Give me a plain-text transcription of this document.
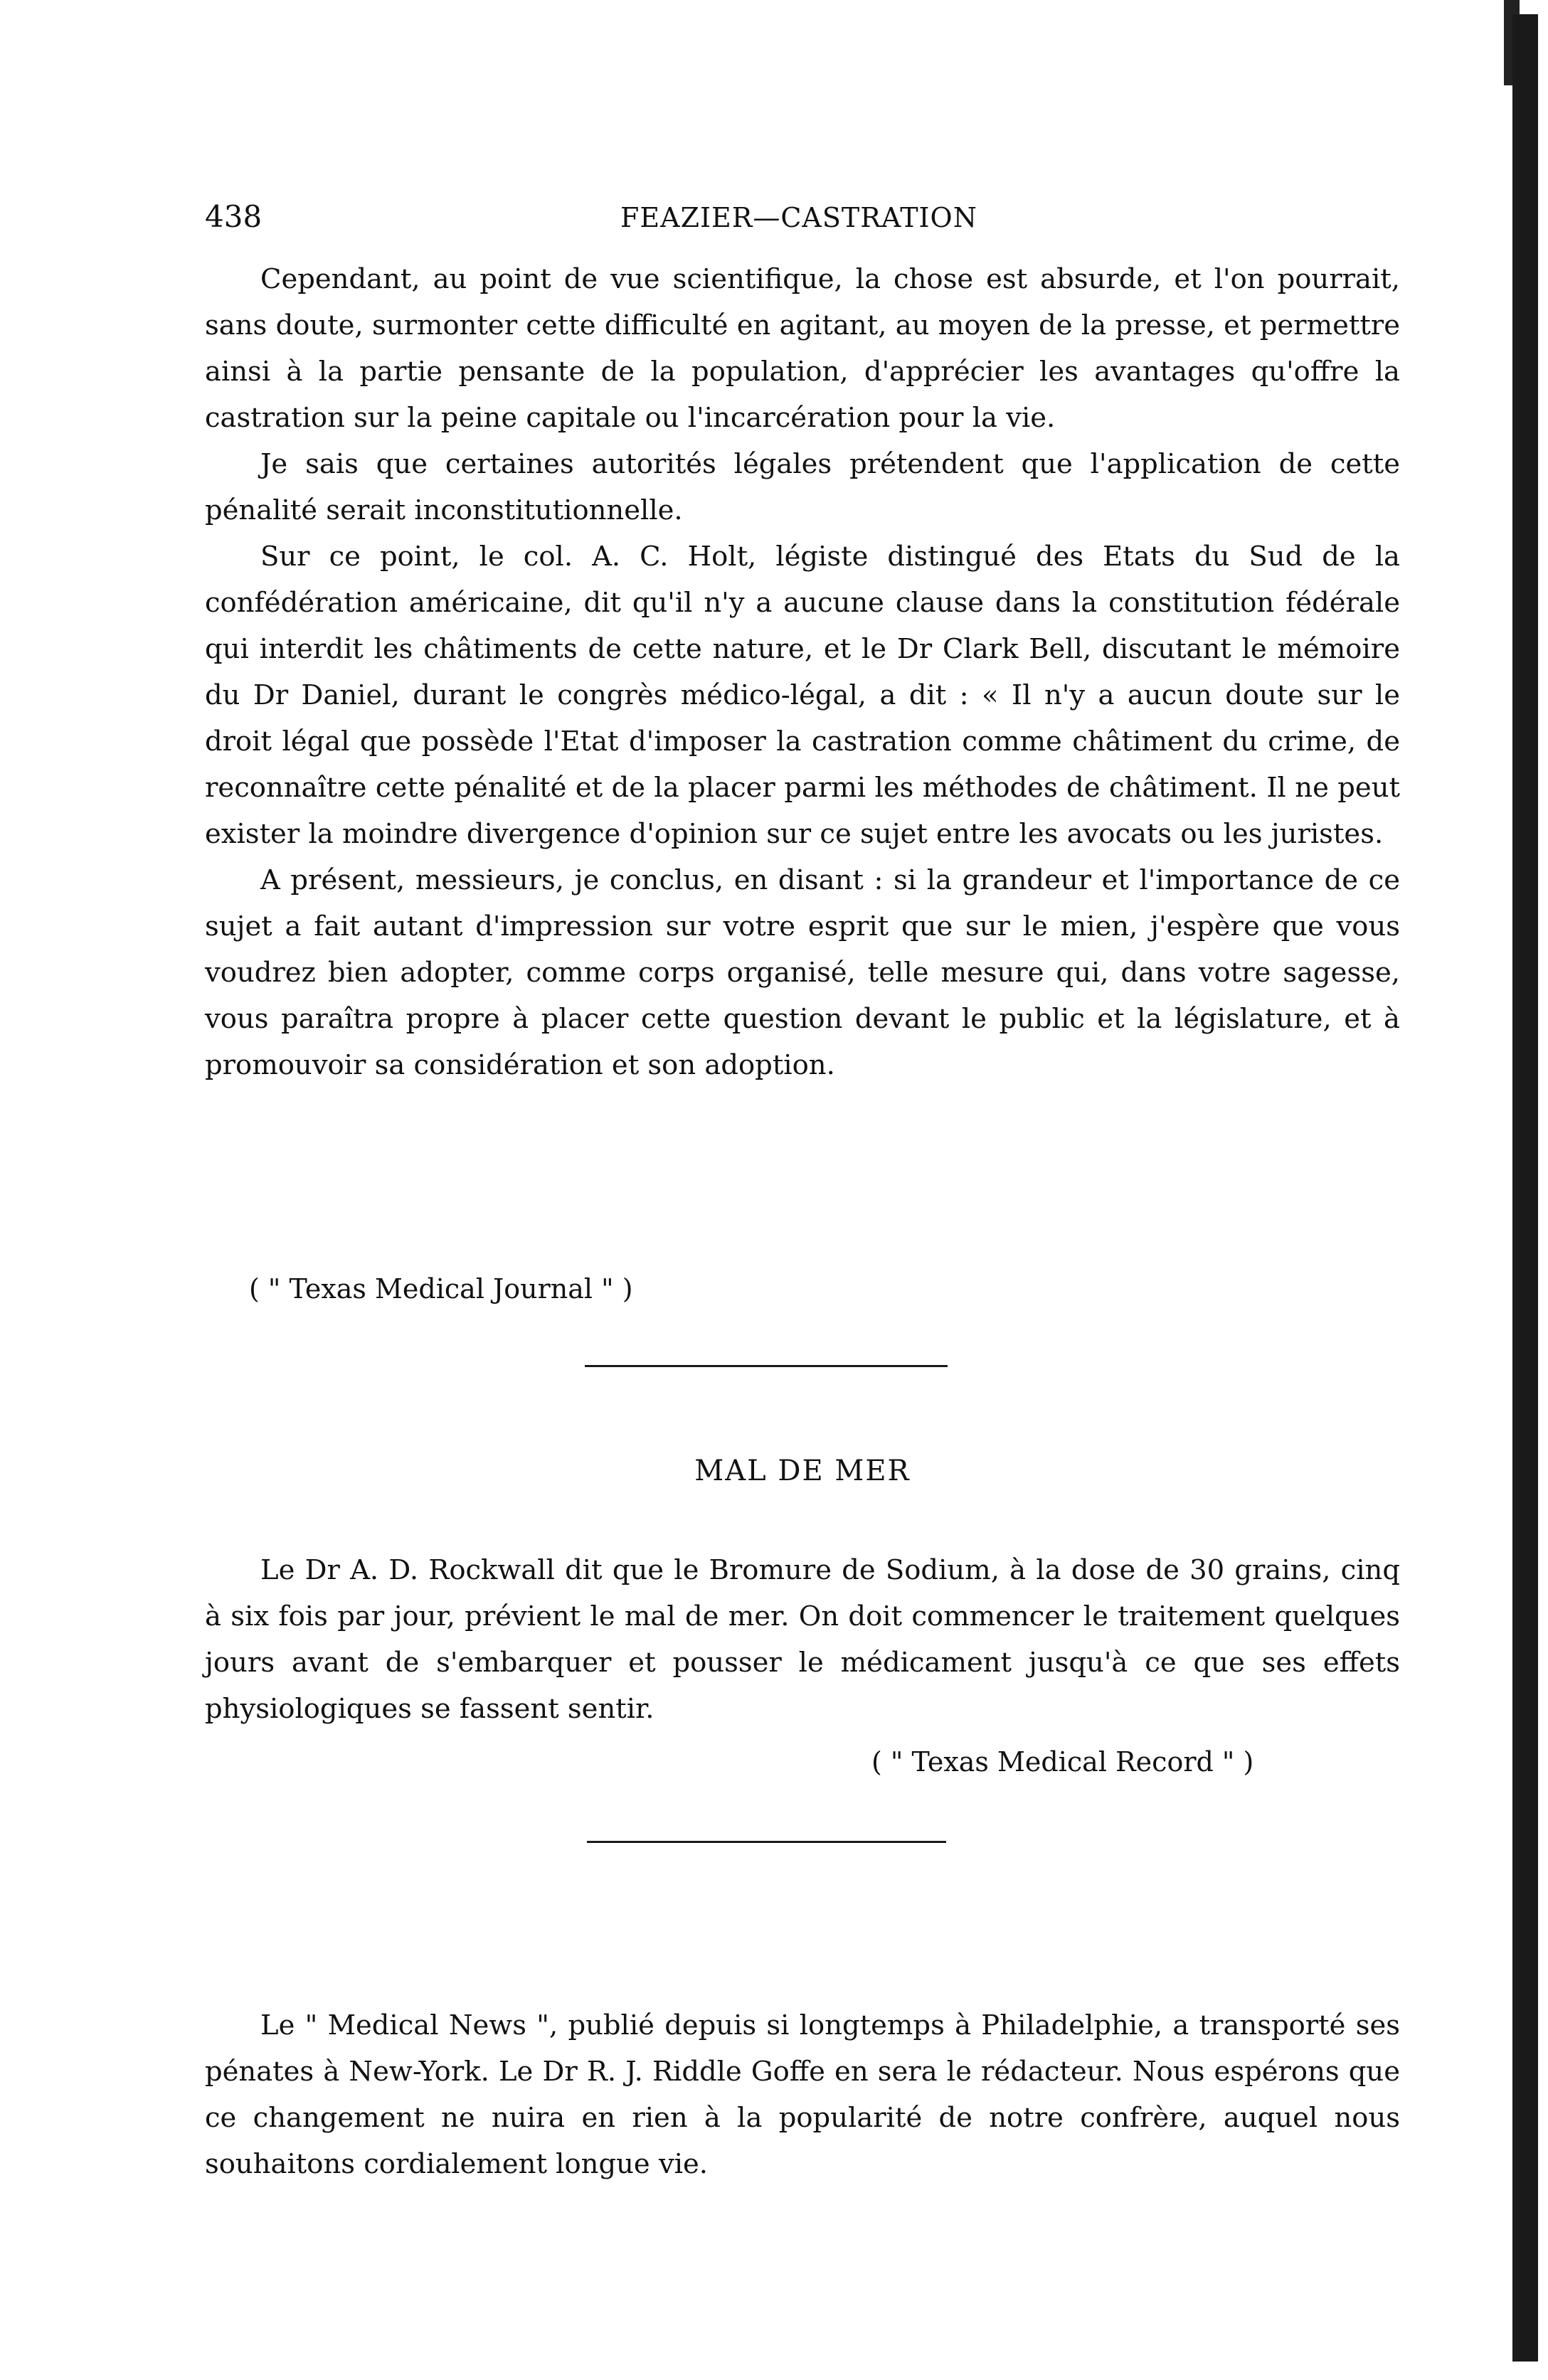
438	FEAZIER—CASTRATION

Cependant, au point de vue scientifique, la chose est absurde, et l'on pourrait, sans doute, surmonter cette difficulté en agitant, au moyen de la presse, et permettre ainsi à la partie pensante de la population, d'apprécier les avantages qu'offre la castration sur la peine capitale ou l'incarcération pour la vie.

Je sais que certaines autorités légales prétendent que l'application de cette pénalité serait inconstitutionnelle.

Sur ce point, le col. A. C. Holt, légiste distingué des Etats du Sud de la confédération américaine, dit qu'il n'y a aucune clause dans la constitution fédérale qui interdit les châtiments de cette nature, et le Dr Clark Bell, discutant le mémoire du Dr Daniel, durant le congrès médico-légal, a dit : « Il n'y a aucun doute sur le droit légal que possède l'Etat d'imposer la castration comme châtiment du crime, de reconnaître cette pénalité et de la placer parmi les méthodes de châtiment. Il ne peut exister la moindre divergence d'opinion sur ce sujet entre les avocats ou les juristes.

A présent, messieurs, je conclus, en disant : si la grandeur et l'importance de ce sujet a fait autant d'impression sur votre esprit que sur le mien, j'espère que vous voudrez bien adopter, comme corps organisé, telle mesure qui, dans votre sagesse, vous paraîtra propre à placer cette question devant le public et la législature, et à promouvoir sa considération et son adoption.

( " Texas Medical Journal " )
MAL DE MER

Le Dr A. D. Rockwall dit que le Bromure de Sodium, à la dose de 30 grains, cinq à six fois par jour, prévient le mal de mer. On doit commencer le traitement quelques jours avant de s'embarquer et pousser le médicament jusqu'à ce que ses effets physiologiques se fassent sentir.

( " Texas Medical Record " )

Le " Medical News ", publié depuis si longtemps à Philadelphie, a transporté ses pénates à New-York. Le Dr R. J. Riddle Goffe en sera le rédacteur. Nous espérons que ce changement ne nuira en rien à la popularité de notre confrère, auquel nous souhaitons cordialement longue vie.
